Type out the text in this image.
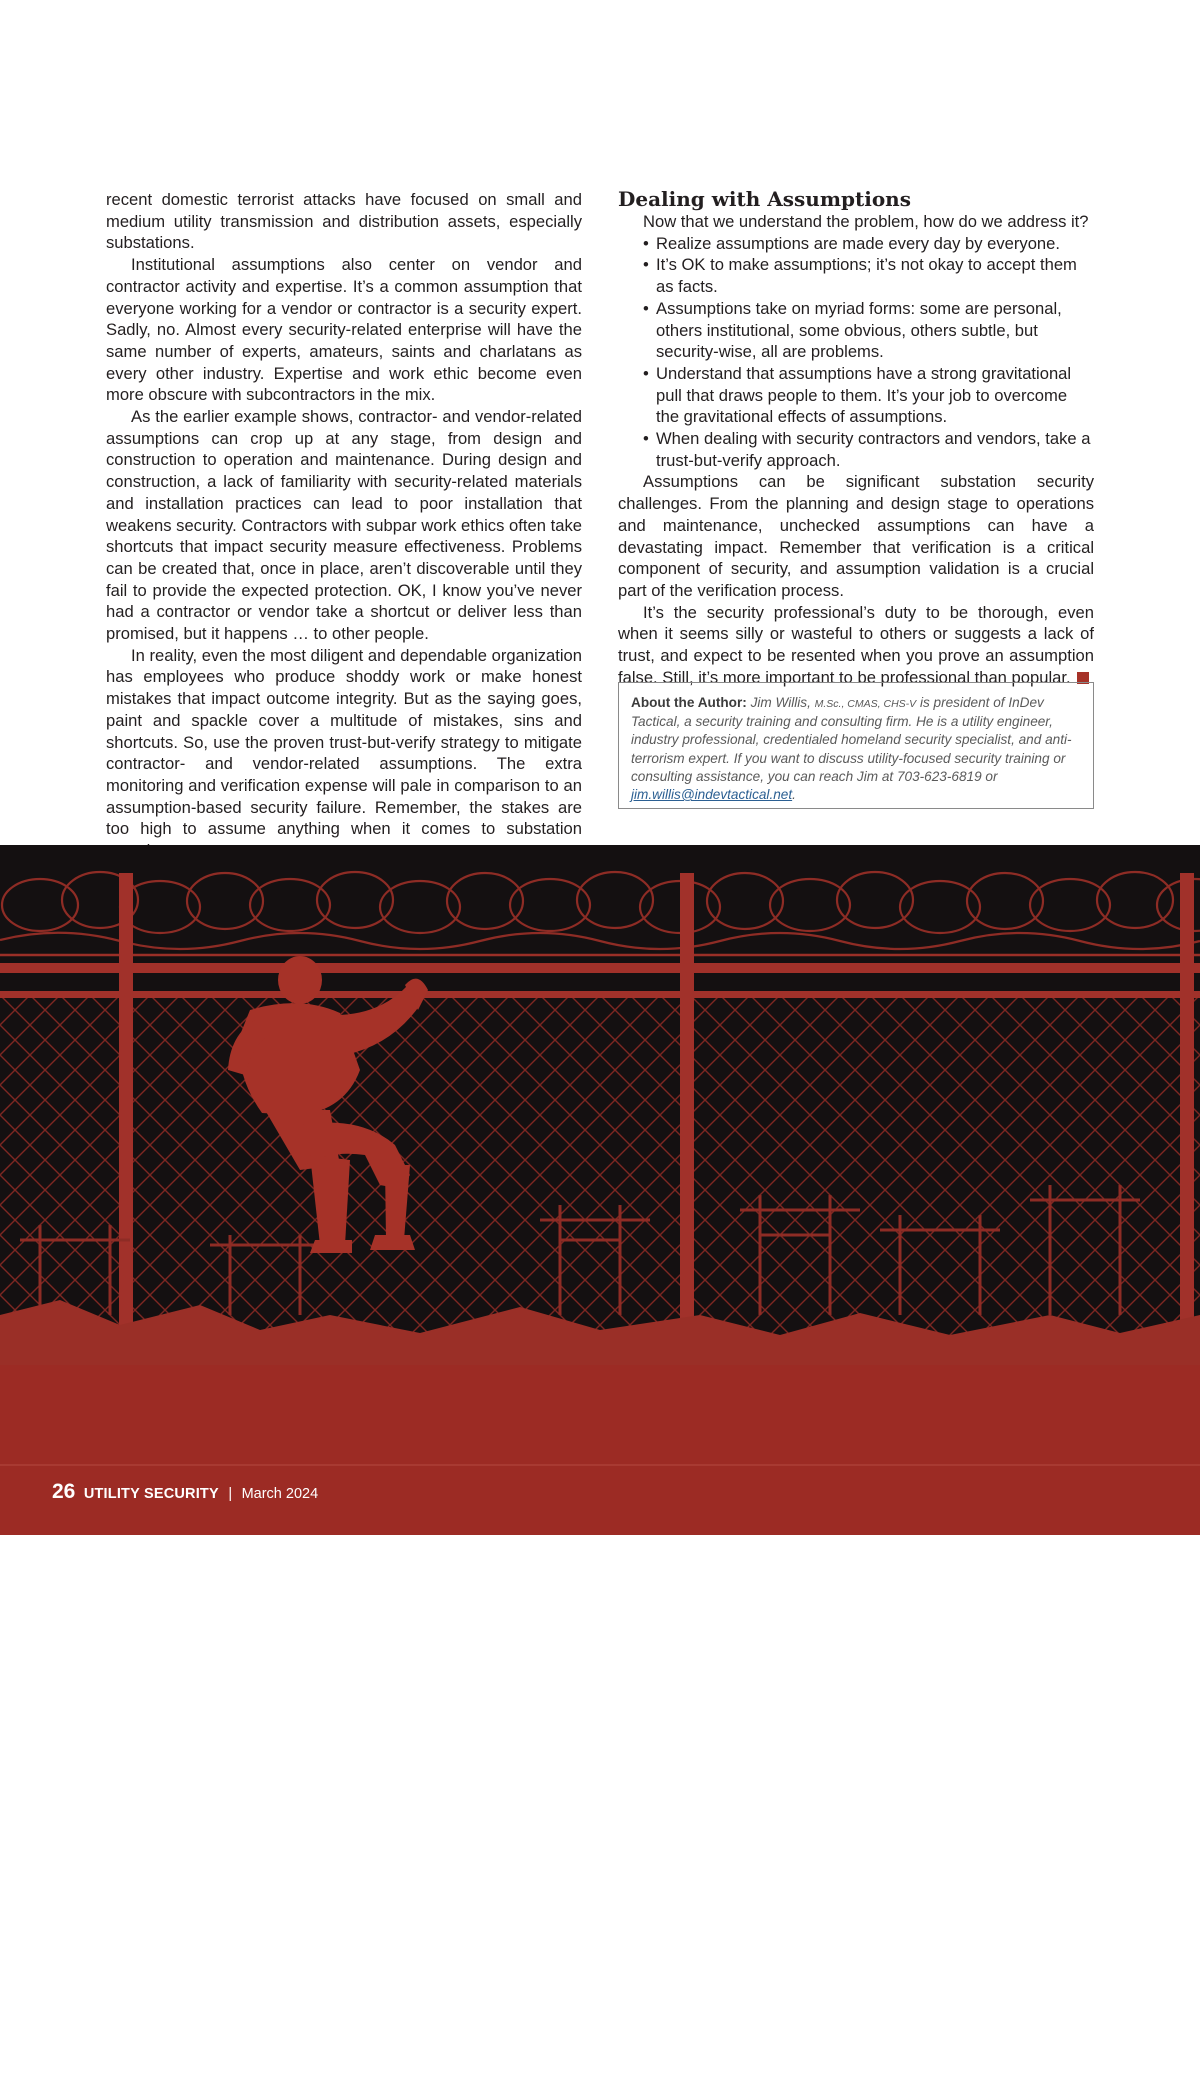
recent domestic terrorist attacks have focused on small and medium utility transmission and distribution assets, especially substations.

Institutional assumptions also center on vendor and contractor activity and expertise. It’s a common assumption that everyone working for a vendor or contractor is a security expert. Sadly, no. Almost every security-related enterprise will have the same number of experts, amateurs, saints and charlatans as every other industry. Expertise and work ethic become even more obscure with subcontractors in the mix.

As the earlier example shows, contractor- and vendor-related assumptions can crop up at any stage, from design and construction to operation and maintenance. During design and construction, a lack of familiarity with security-related materials and installation practices can lead to poor installation that weakens security. Contractors with subpar work ethics often take shortcuts that impact security measure effectiveness. Problems can be created that, once in place, aren’t discoverable until they fail to provide the expected protection. OK, I know you’ve never had a contractor or vendor take a shortcut or deliver less than promised, but it happens … to other people.

In reality, even the most diligent and dependable organization has employees who produce shoddy work or make honest mistakes that impact outcome integrity. But as the saying goes, paint and spackle cover a multitude of mistakes, sins and shortcuts. So, use the proven trust-but-verify strategy to mitigate contractor- and vendor-related assumptions. The extra monitoring and verification expense will pale in comparison to an assumption-based security failure. Remember, the stakes are too high to assume anything when it comes to substation

Dealing with Assumptions

Now that we understand the problem, how do we address it?

• Realize assumptions are made every day by everyone.
• It’s OK to make assumptions; it’s not okay to accept them as facts.
• Assumptions take on myriad forms: some are personal, others institutional, some obvious, others subtle, but security-wise, all are problems.
• Understand that assumptions have a strong gravitational pull that draws people to them. It’s your job to overcome the gravitational effects of assumptions.
• When dealing with security contractors and vendors, take a trust-but-verify approach.

Assumptions can be significant substation security challenges. From the planning and design stage to operations and maintenance, unchecked assumptions can have a devastating impact. Remember that verification is a critical component of security, and assumption validation is a crucial part of the verification process.

It’s the security professional’s duty to be thorough, even when it seems silly or wasteful to others or suggests a lack of trust, and expect to be resented when you prove an assumption false. Still, it’s more important to be professional than popular.

About the Author: Jim Willis, M.Sc., CMAS, CHS-V is president of InDev Tactical, a security training and consulting firm. He is a utility engineer, industry professional, credentialed homeland security specialist, and anti-terrorism expert. If you want to discuss utility-focused security training or consulting assistance, you can reach Jim at 703-623-6819 or jim.willis@indevtactical.net.

“Some of the most challenging and institutionally lazy assumptions revolve around notions that size matters to threat actors. The belief that only major utilities, generation facilities, high voltage transmission and bulk power substations need threat protection is prevalent throughout the industry. Assumptions of being ‘too small, remote or otherwise inconsequential to be targeted’ can lead to a nonchalant attitude and weak security.”

26 UTILITY SECURITY | March 2024
